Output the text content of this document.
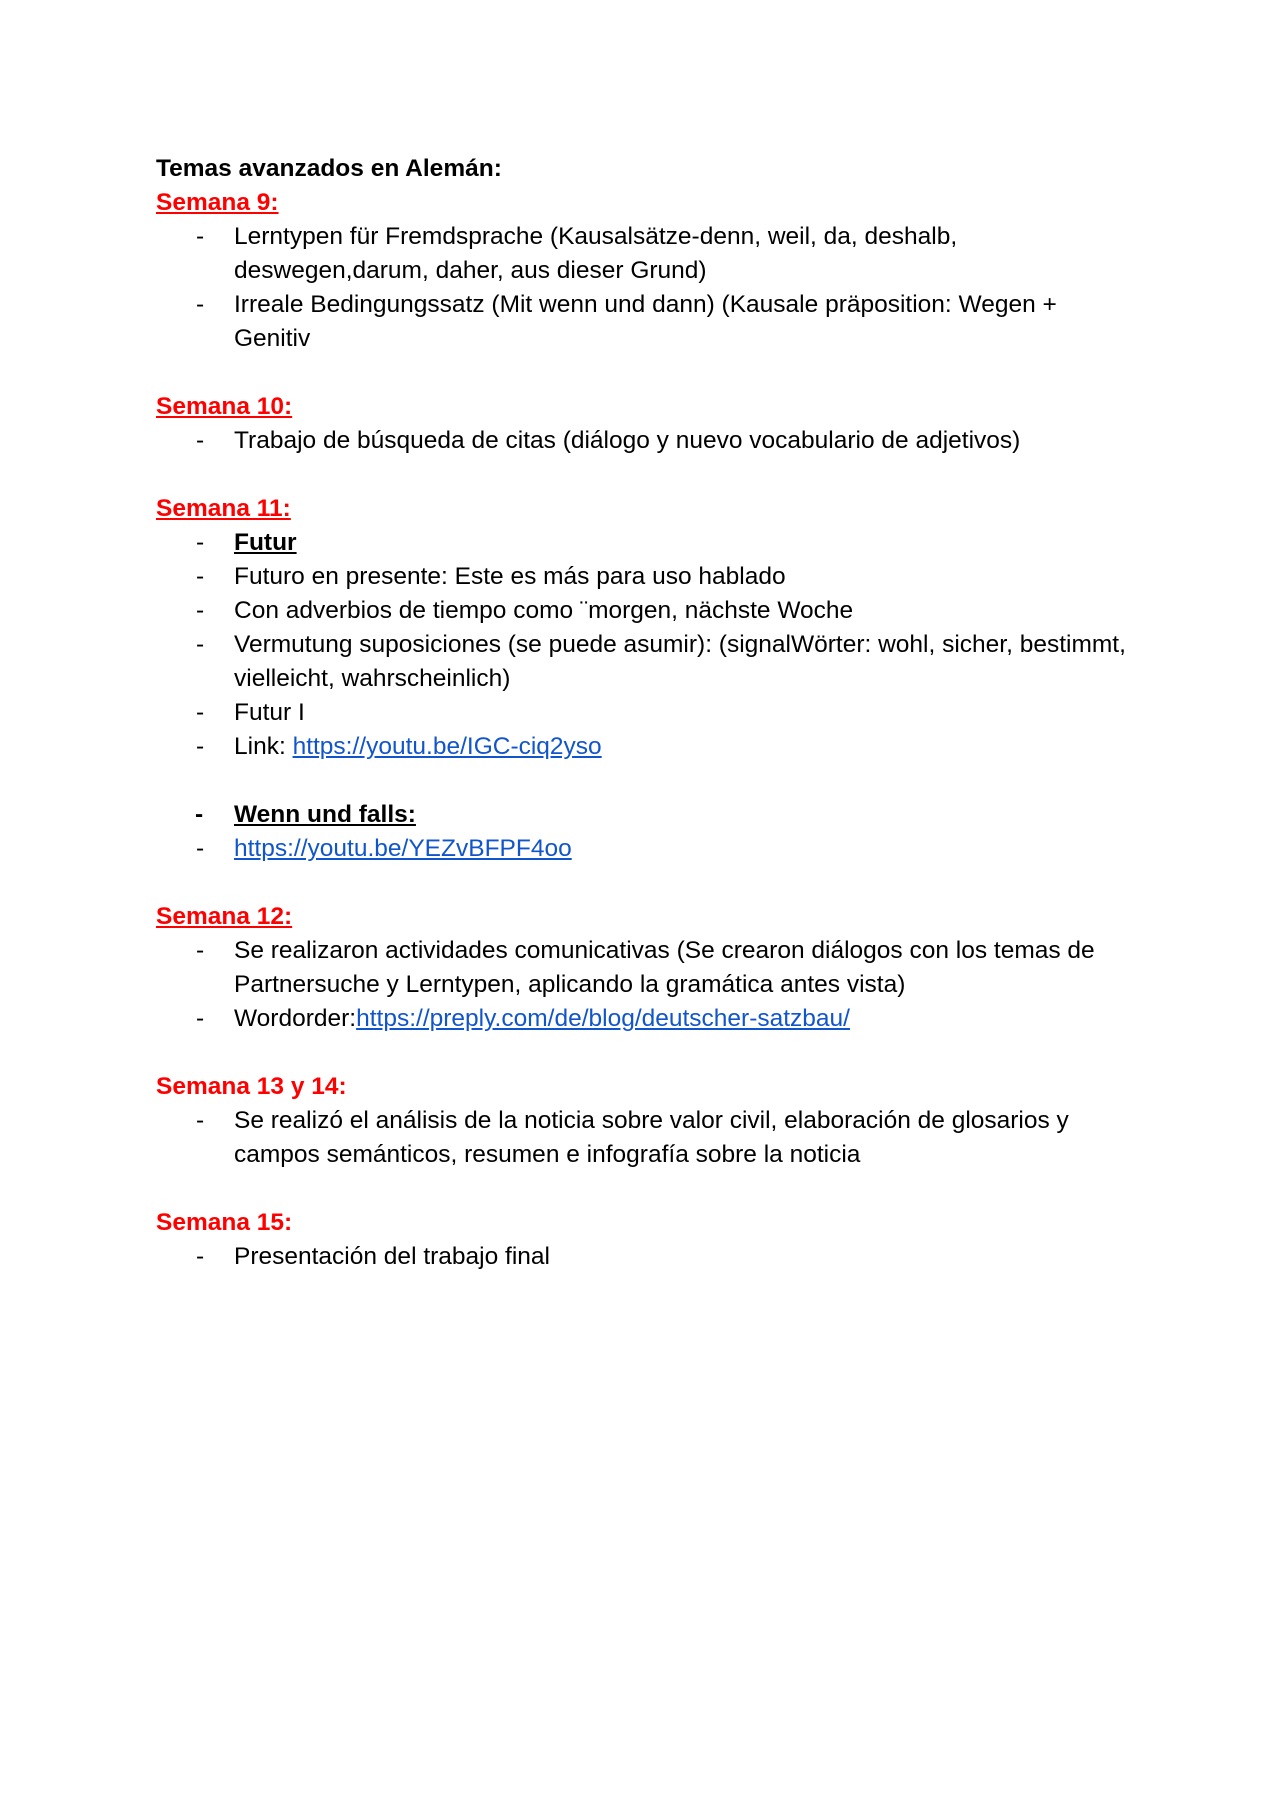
Temas avanzados en Alemán:
Semana 9:
- Lerntypen für Fremdsprache (Kausalsätze-denn, weil, da, deshalb, deswegen,darum, daher, aus dieser Grund)
- Irreale Bedingungssatz (Mit wenn und dann) (Kausale präposition: Wegen + Genitiv
Semana 10:
- Trabajo de búsqueda de citas (diálogo y nuevo vocabulario de adjetivos)
Semana 11:
- Futur
- Futuro en presente: Este es más para uso hablado
- Con adverbios de tiempo como ¨morgen, nächste Woche
- Vermutung suposiciones (se puede asumir): (signalWörter: wohl, sicher, bestimmt, vielleicht, wahrscheinlich)
- Futur I
- Link: https://youtu.be/IGC-ciq2yso
- Wenn und falls:
- https://youtu.be/YEZvBFPF4oo
Semana 12:
- Se realizaron actividades comunicativas (Se crearon diálogos con los temas de Partnersuche y Lerntypen, aplicando la gramática antes vista)
- Wordorder:https://preply.com/de/blog/deutscher-satzbau/
Semana 13 y 14:
- Se realizó el análisis de la noticia sobre valor civil, elaboración de glosarios y campos semánticos, resumen e infografía sobre la noticia
Semana 15:
- Presentación del trabajo final
